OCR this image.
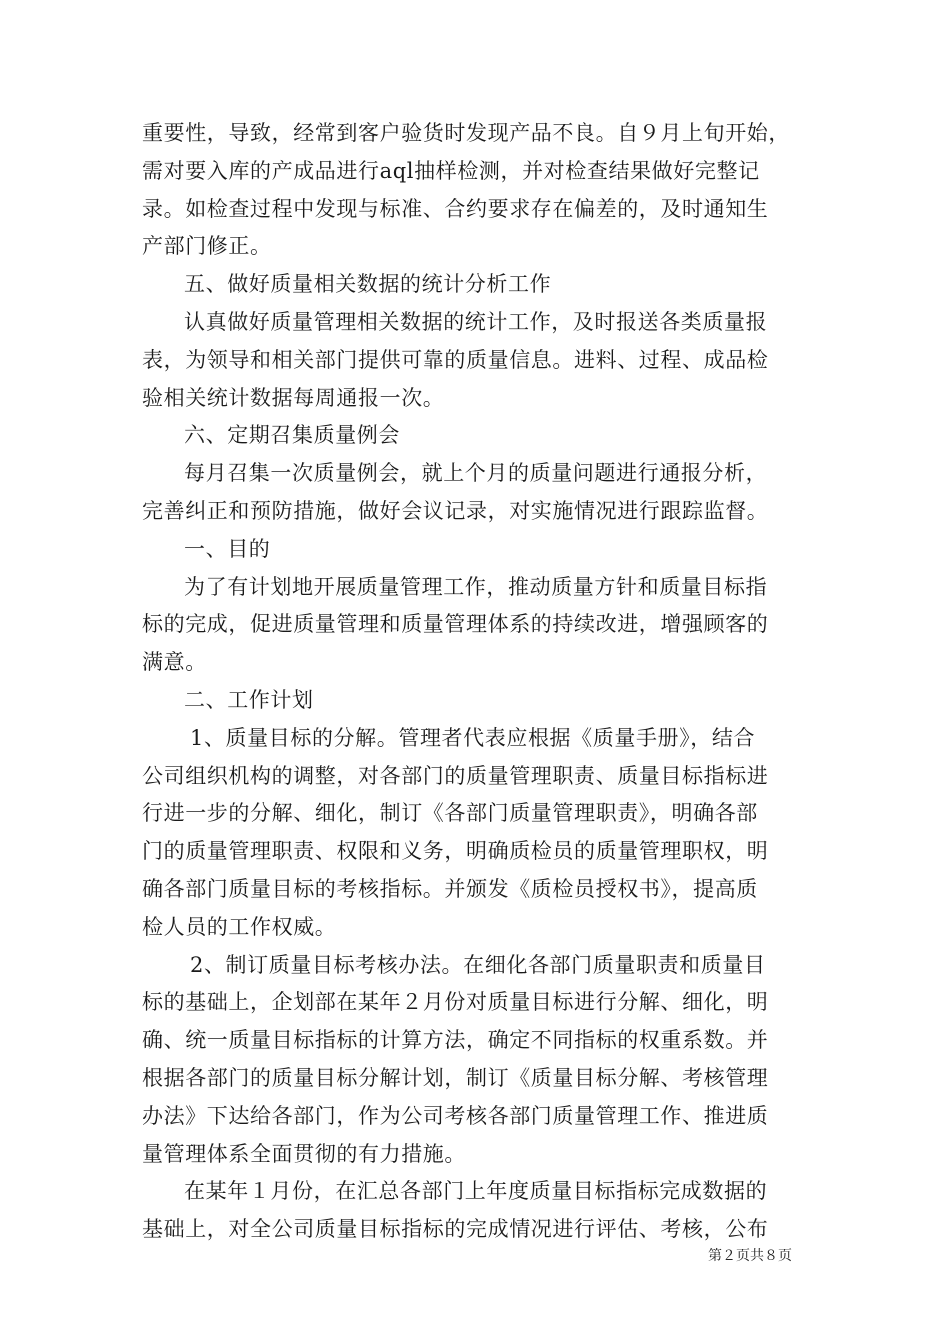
重要性，导致，经常到客户验货时发现产品不良。自９月上旬开始，
需对要入库的产成品进行aql抽样检测，并对检查结果做好完整记
录。如检查过程中发现与标准、合约要求存在偏差的，及时通知生
产部门修正。
五、做好质量相关数据的统计分析工作
认真做好质量管理相关数据的统计工作，及时报送各类质量报
表，为领导和相关部门提供可靠的质量信息。进料、过程、成品检
验相关统计数据每周通报一次。
六、定期召集质量例会
每月召集一次质量例会，就上个月的质量问题进行通报分析，
完善纠正和预防措施，做好会议记录，对实施情况进行跟踪监督。
一、目的
为了有计划地开展质量管理工作，推动质量方针和质量目标指
标的完成，促进质量管理和质量管理体系的持续改进，增强顾客的
满意。
二、工作计划
1、质量目标的分解。管理者代表应根据《质量手册》，结合
公司组织机构的调整，对各部门的质量管理职责、质量目标指标进
行进一步的分解、细化，制订《各部门质量管理职责》，明确各部
门的质量管理职责、权限和义务，明确质检员的质量管理职权，明
确各部门质量目标的考核指标。并颁发《质检员授权书》，提高质
检人员的工作权威。
2、制订质量目标考核办法。在细化各部门质量职责和质量目
标的基础上，企划部在某年２月份对质量目标进行分解、细化，明
确、统一质量目标指标的计算方法，确定不同指标的权重系数。并
根据各部门的质量目标分解计划，制订《质量目标分解、考核管理
办法》下达给各部门，作为公司考核各部门质量管理工作、推进质
量管理体系全面贯彻的有力措施。
在某年１月份，在汇总各部门上年度质量目标指标完成数据的
基础上，对全公司质量目标指标的完成情况进行评估、考核，公布
第２页共８页
